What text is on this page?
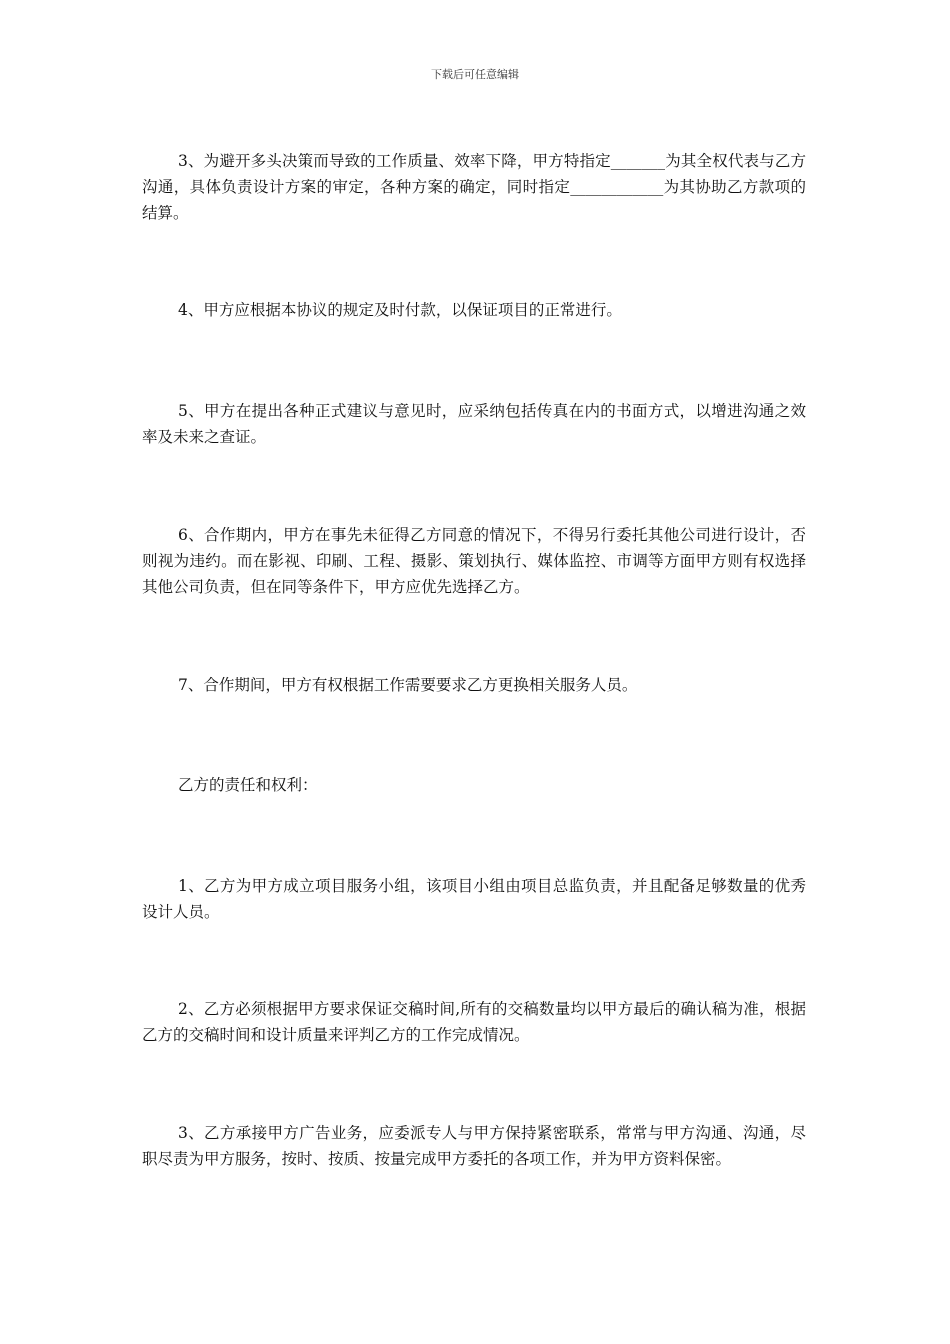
下载后可任意编辑

3、为避开多头决策而导致的工作质量、效率下降，甲方特指定_______为其全权代表与乙方沟通，具体负责设计方案的审定，各种方案的确定，同时指定____________为其协助乙方款项的结算。

4、甲方应根据本协议的规定及时付款，以保证项目的正常进行。

5、甲方在提出各种正式建议与意见时，应采纳包括传真在内的书面方式，以增进沟通之效率及未来之查证。

6、合作期内，甲方在事先未征得乙方同意的情况下，不得另行委托其他公司进行设计，否则视为违约。而在影视、印刷、工程、摄影、策划执行、媒体监控、市调等方面甲方则有权选择其他公司负责，但在同等条件下，甲方应优先选择乙方。

7、合作期间，甲方有权根据工作需要要求乙方更换相关服务人员。

乙方的责任和权利：

1、乙方为甲方成立项目服务小组，该项目小组由项目总监负责，并且配备足够数量的优秀设计人员。

2、乙方必须根据甲方要求保证交稿时间,所有的交稿数量均以甲方最后的确认稿为准，根据乙方的交稿时间和设计质量来评判乙方的工作完成情况。

3、乙方承接甲方广告业务，应委派专人与甲方保持紧密联系，常常与甲方沟通、沟通，尽职尽责为甲方服务，按时、按质、按量完成甲方委托的各项工作，并为甲方资料保密。
